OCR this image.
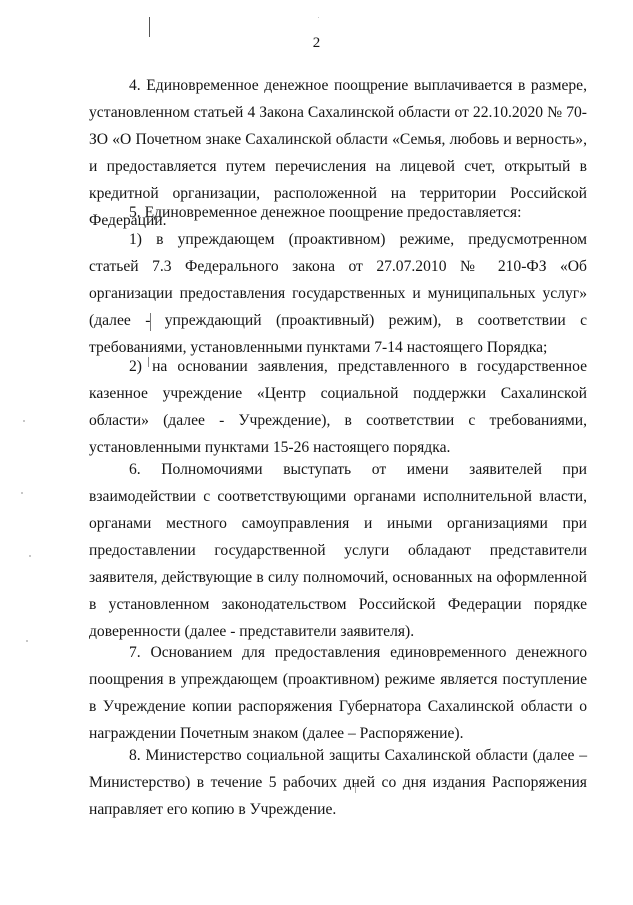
2

4. Единовременное денежное поощрение выплачивается в размере, установленном статьей 4 Закона Сахалинской области от 22.10.2020 № 70-ЗО «О Почетном знаке Сахалинской области «Семья, любовь и верность», и предоставляется путем перечисления на лицевой счет, открытый в кредитной организации, расположенной на территории Российской Федерации.

5. Единовременное денежное поощрение предоставляется:

1) в упреждающем (проактивном) режиме, предусмотренном статьей 7.3 Федерального закона от 27.07.2010 № 210-ФЗ «Об организации предоставления государственных и муниципальных услуг» (далее - упреждающий (проактивный) режим), в соответствии с требованиями, установленными пунктами 7-14 настоящего Порядка;

2) на основании заявления, представленного в государственное казенное учреждение «Центр социальной поддержки Сахалинской области» (далее - Учреждение), в соответствии с требованиями, установленными пунктами 15-26 настоящего порядка.

6. Полномочиями выступать от имени заявителей при взаимодействии с соответствующими органами исполнительной власти, органами местного самоуправления и иными организациями при предоставлении государственной услуги обладают представители заявителя, действующие в силу полномочий, основанных на оформленной в установленном законодательством Российской Федерации порядке доверенности (далее - представители заявителя).

7. Основанием для предоставления единовременного денежного поощрения в упреждающем (проактивном) режиме является поступление в Учреждение копии распоряжения Губернатора Сахалинской области о награждении Почетным знаком (далее – Распоряжение).

8. Министерство социальной защиты Сахалинской области (далее – Министерство) в течение 5 рабочих дней со дня издания Распоряжения направляет его копию в Учреждение.
